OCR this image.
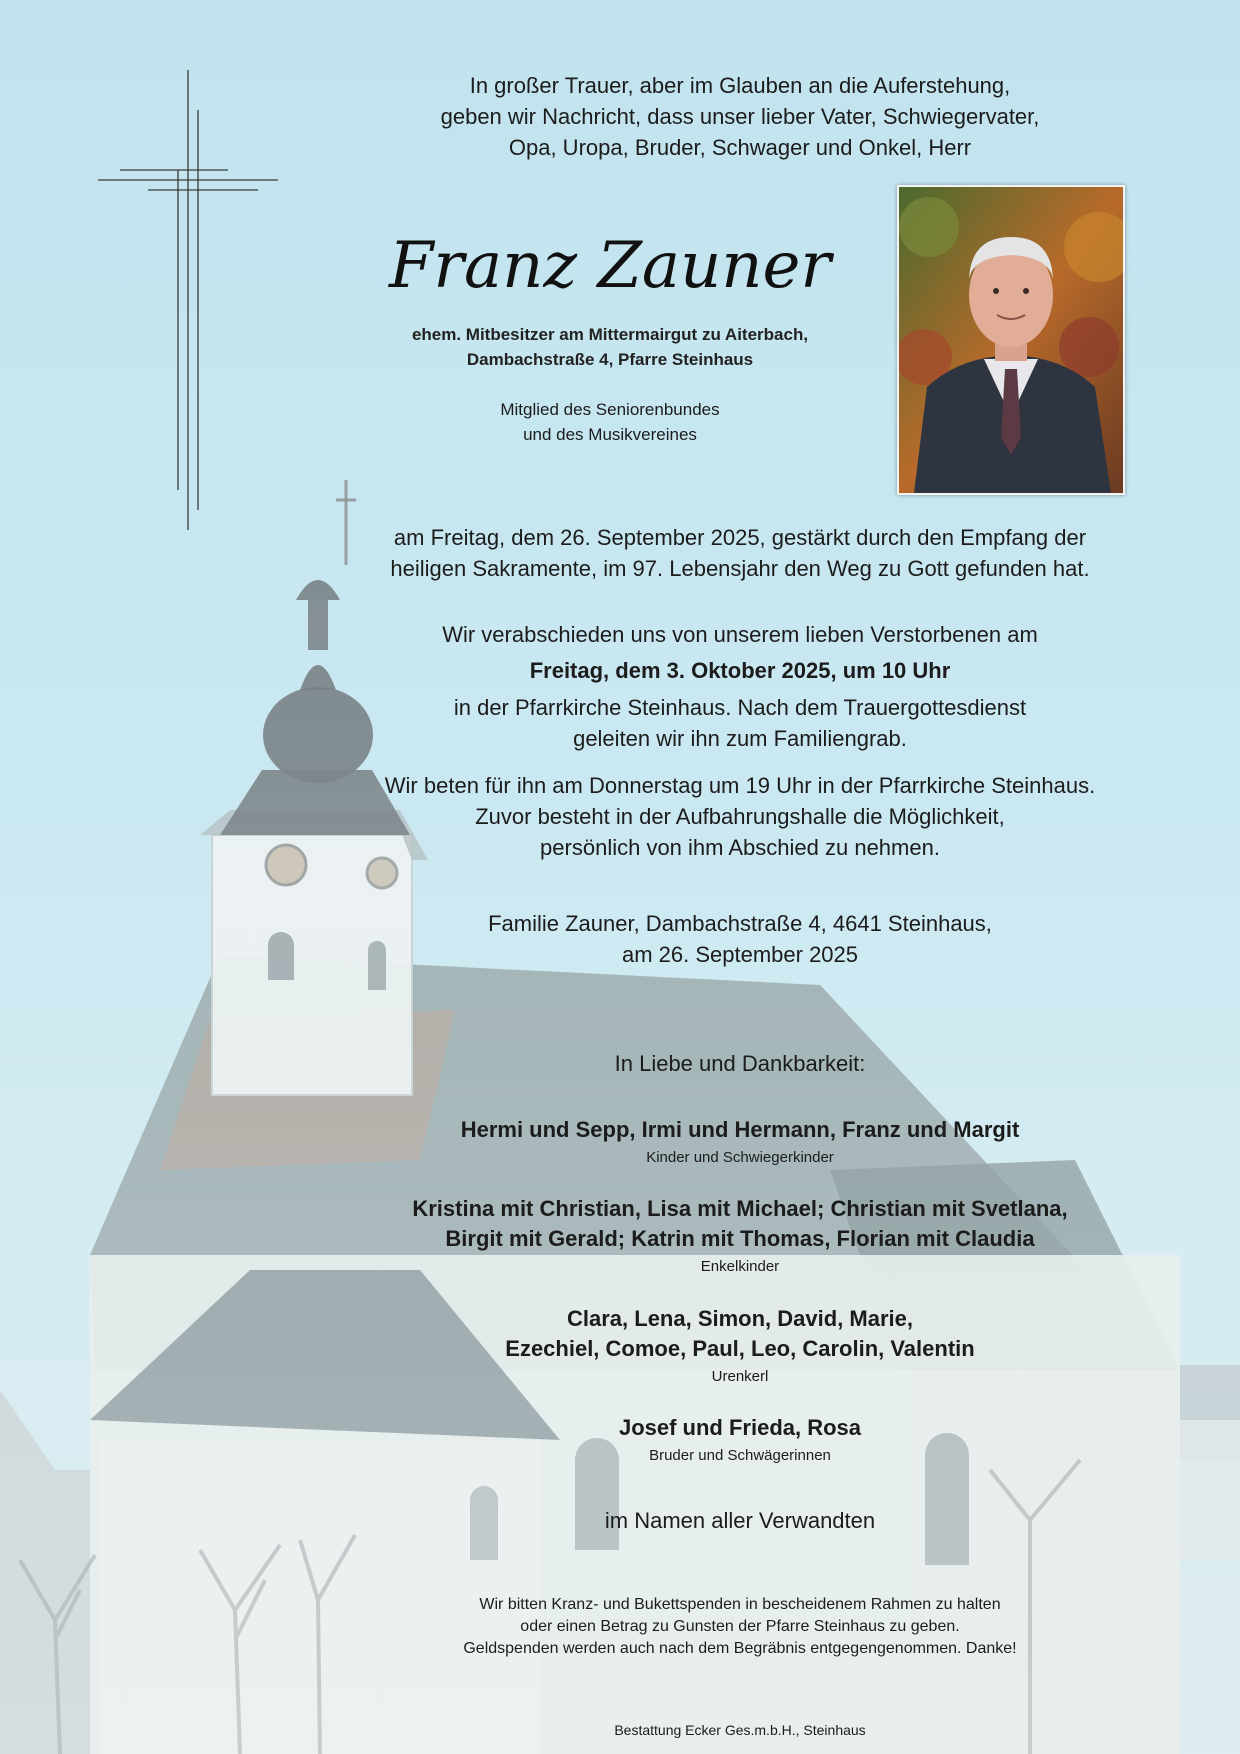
In großer Trauer, aber im Glauben an die Auferstehung,
geben wir Nachricht, dass unser lieber Vater, Schwiegervater,
Opa, Uropa, Bruder, Schwager und Onkel, Herr

Franz Zauner

ehem. Mitbesitzer am Mittermairgut zu Aiterbach,
Dambachstraße 4, Pfarre Steinhaus

Mitglied des Seniorenbundes
und des Musikvereines

am Freitag, dem 26. September 2025, gestärkt durch den Empfang der
heiligen Sakramente, im 97. Lebensjahr den Weg zu Gott gefunden hat.

Wir verabschieden uns von unserem lieben Verstorbenen am

Freitag, dem 3. Oktober 2025, um 10 Uhr

in der Pfarrkirche Steinhaus. Nach dem Trauergottesdienst
geleiten wir ihn zum Familiengrab.

Wir beten für ihn am Donnerstag um 19 Uhr in der Pfarrkirche Steinhaus.
Zuvor besteht in der Aufbahrungshalle die Möglichkeit,
persönlich von ihm Abschied zu nehmen.

Familie Zauner, Dambachstraße 4, 4641 Steinhaus,
am 26. September 2025

In Liebe und Dankbarkeit:

Hermi und Sepp, Irmi und Hermann, Franz und Margit

Kinder und Schwiegerkinder

Kristina mit Christian, Lisa mit Michael; Christian mit Svetlana,
Birgit mit Gerald; Katrin mit Thomas, Florian mit Claudia

Enkelkinder

Clara, Lena, Simon, David, Marie,
Ezechiel, Comoe, Paul, Leo, Carolin, Valentin

Urenkerl

Josef und Frieda, Rosa

Bruder und Schwägerinnen

im Namen aller Verwandten

Wir bitten Kranz- und Bukettspenden in bescheidenem Rahmen zu halten
oder einen Betrag zu Gunsten der Pfarre Steinhaus zu geben.
Geldspenden werden auch nach dem Begräbnis entgegengenommen. Danke!

Bestattung Ecker Ges.m.b.H., Steinhaus
